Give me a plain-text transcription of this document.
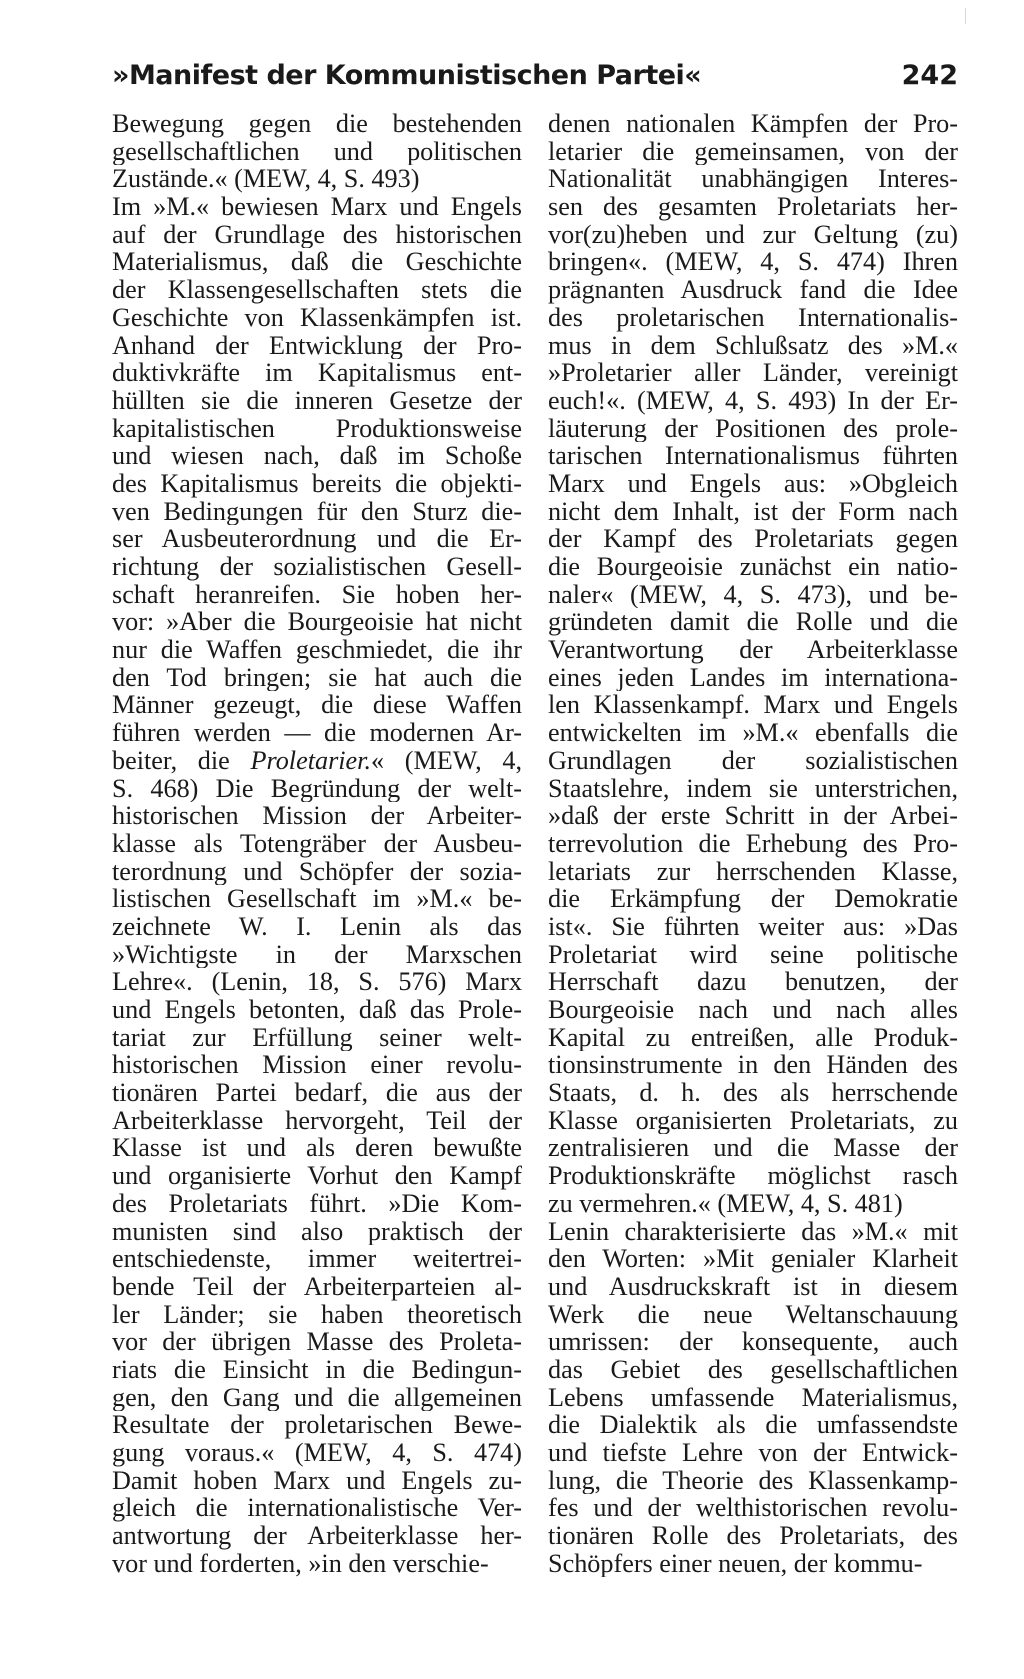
»Manifest der Kommunistischen Partei«	242
Bewegung gegen die bestehenden
gesellschaftlichen und politischen
Zustände.« (MEW, 4, S. 493)
Im »M.« bewiesen Marx und Engels
auf der Grundlage des historischen
Materialismus, daß die Geschichte
der Klassengesellschaften stets die
Geschichte von Klassenkämpfen ist.
Anhand der Entwicklung der Pro-
duktivkräfte im Kapitalismus ent-
hüllten sie die inneren Gesetze der
kapitalistischen Produktionsweise
und wiesen nach, daß im Schoße
des Kapitalismus bereits die objekti-
ven Bedingungen für den Sturz die-
ser Ausbeuterordnung und die Er-
richtung der sozialistischen Gesell-
schaft heranreifen. Sie hoben her-
vor: »Aber die Bourgeoisie hat nicht
nur die Waffen geschmiedet, die ihr
den Tod bringen; sie hat auch die
Männer gezeugt, die diese Waffen
führen werden — die modernen Ar-
beiter, die Proletarier.« (MEW, 4,
S. 468) Die Begründung der welt-
historischen Mission der Arbeiter-
klasse als Totengräber der Ausbeu-
terordnung und Schöpfer der sozia-
listischen Gesellschaft im »M.« be-
zeichnete W. I. Lenin als das
»Wichtigste in der Marxschen
Lehre«. (Lenin, 18, S. 576) Marx
und Engels betonten, daß das Prole-
tariat zur Erfüllung seiner welt-
historischen Mission einer revolu-
tionären Partei bedarf, die aus der
Arbeiterklasse hervorgeht, Teil der
Klasse ist und als deren bewußte
und organisierte Vorhut den Kampf
des Proletariats führt. »Die Kom-
munisten sind also praktisch der
entschiedenste, immer weitertrei-
bende Teil der Arbeiterparteien al-
ler Länder; sie haben theoretisch
vor der übrigen Masse des Proleta-
riats die Einsicht in die Bedingun-
gen, den Gang und die allgemeinen
Resultate der proletarischen Bewe-
gung voraus.« (MEW, 4, S. 474)
Damit hoben Marx und Engels zu-
gleich die internationalistische Ver-
antwortung der Arbeiterklasse her-
vor und forderten, »in den verschie-
denen nationalen Kämpfen der Pro-
letarier die gemeinsamen, von der
Nationalität unabhängigen Interes-
sen des gesamten Proletariats her-
vor(zu)heben und zur Geltung (zu)
bringen«. (MEW, 4, S. 474) Ihren
prägnanten Ausdruck fand die Idee
des proletarischen Internationalis-
mus in dem Schlußsatz des »M.«
»Proletarier aller Länder, vereinigt
euch!«. (MEW, 4, S. 493) In der Er-
läuterung der Positionen des prole-
tarischen Internationalismus führten
Marx und Engels aus: »Obgleich
nicht dem Inhalt, ist der Form nach
der Kampf des Proletariats gegen
die Bourgeoisie zunächst ein natio-
naler« (MEW, 4, S. 473), und be-
gründeten damit die Rolle und die
Verantwortung der Arbeiterklasse
eines jeden Landes im internationa-
len Klassenkampf. Marx und Engels
entwickelten im »M.« ebenfalls die
Grundlagen der sozialistischen
Staatslehre, indem sie unterstrichen,
»daß der erste Schritt in der Arbei-
terrevolution die Erhebung des Pro-
letariats zur herrschenden Klasse,
die Erkämpfung der Demokratie
ist«. Sie führten weiter aus: »Das
Proletariat wird seine politische
Herrschaft dazu benutzen, der
Bourgeoisie nach und nach alles
Kapital zu entreißen, alle Produk-
tionsinstrumente in den Händen des
Staats, d. h. des als herrschende
Klasse organisierten Proletariats, zu
zentralisieren und die Masse der
Produktionskräfte möglichst rasch
zu vermehren.« (MEW, 4, S. 481)
Lenin charakterisierte das »M.« mit
den Worten: »Mit genialer Klarheit
und Ausdruckskraft ist in diesem
Werk die neue Weltanschauung
umrissen: der konsequente, auch
das Gebiet des gesellschaftlichen
Lebens umfassende Materialismus,
die Dialektik als die umfassendste
und tiefste Lehre von der Entwick-
lung, die Theorie des Klassenkamp-
fes und der welthistorischen revolu-
tionären Rolle des Proletariats, des
Schöpfers einer neuen, der kommu-
